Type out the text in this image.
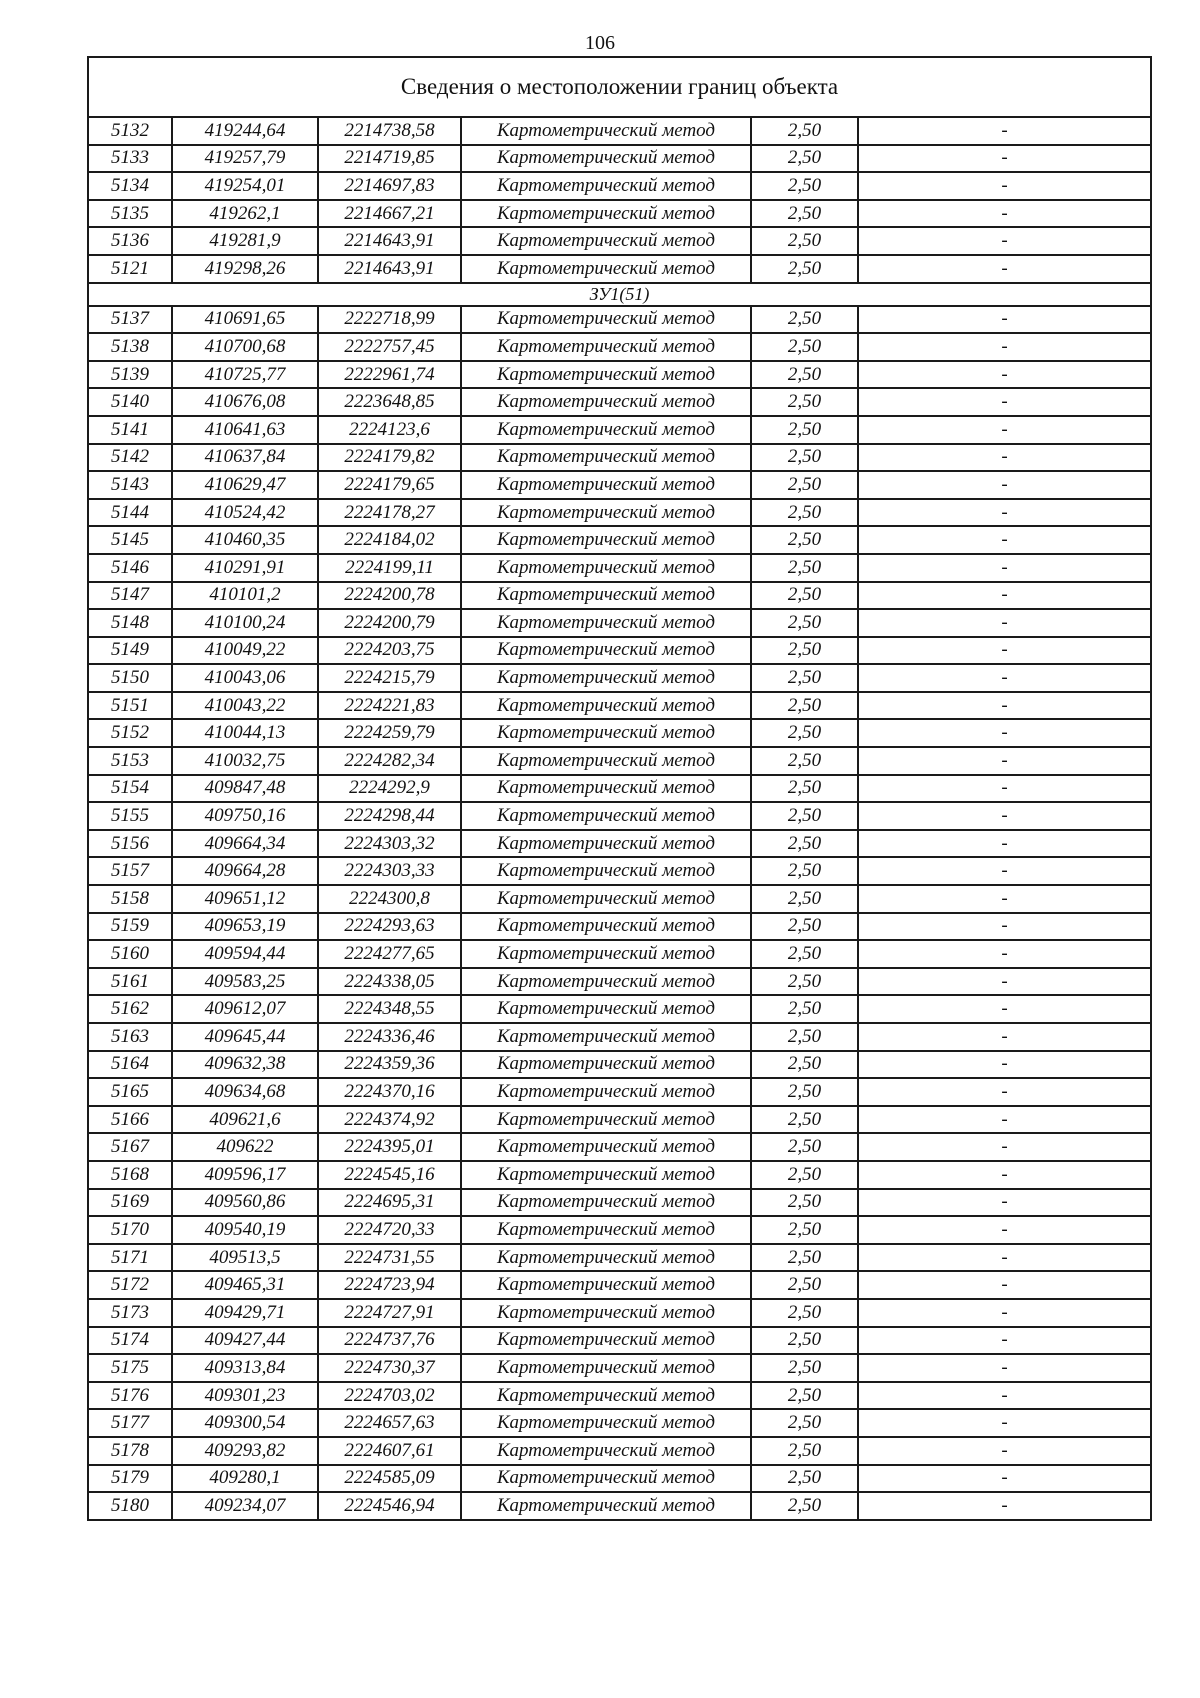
106
Сведения о местоположении границ объекта					
5132	419244,64	2214738,58	Картометрический метод	2,50	-
5133	419257,79	2214719,85	Картометрический метод	2,50	-
5134	419254,01	2214697,83	Картометрический метод	2,50	-
5135	419262,1	2214667,21	Картометрический метод	2,50	-
5136	419281,9	2214643,91	Картометрический метод	2,50	-
5121	419298,26	2214643,91	Картометрический метод	2,50	-
ЗУ1(51)					
5137	410691,65	2222718,99	Картометрический метод	2,50	-
5138	410700,68	2222757,45	Картометрический метод	2,50	-
5139	410725,77	2222961,74	Картометрический метод	2,50	-
5140	410676,08	2223648,85	Картометрический метод	2,50	-
5141	410641,63	2224123,6	Картометрический метод	2,50	-
5142	410637,84	2224179,82	Картометрический метод	2,50	-
5143	410629,47	2224179,65	Картометрический метод	2,50	-
5144	410524,42	2224178,27	Картометрический метод	2,50	-
5145	410460,35	2224184,02	Картометрический метод	2,50	-
5146	410291,91	2224199,11	Картометрический метод	2,50	-
5147	410101,2	2224200,78	Картометрический метод	2,50	-
5148	410100,24	2224200,79	Картометрический метод	2,50	-
5149	410049,22	2224203,75	Картометрический метод	2,50	-
5150	410043,06	2224215,79	Картометрический метод	2,50	-
5151	410043,22	2224221,83	Картометрический метод	2,50	-
5152	410044,13	2224259,79	Картометрический метод	2,50	-
5153	410032,75	2224282,34	Картометрический метод	2,50	-
5154	409847,48	2224292,9	Картометрический метод	2,50	-
5155	409750,16	2224298,44	Картометрический метод	2,50	-
5156	409664,34	2224303,32	Картометрический метод	2,50	-
5157	409664,28	2224303,33	Картометрический метод	2,50	-
5158	409651,12	2224300,8	Картометрический метод	2,50	-
5159	409653,19	2224293,63	Картометрический метод	2,50	-
5160	409594,44	2224277,65	Картометрический метод	2,50	-
5161	409583,25	2224338,05	Картометрический метод	2,50	-
5162	409612,07	2224348,55	Картометрический метод	2,50	-
5163	409645,44	2224336,46	Картометрический метод	2,50	-
5164	409632,38	2224359,36	Картометрический метод	2,50	-
5165	409634,68	2224370,16	Картометрический метод	2,50	-
5166	409621,6	2224374,92	Картометрический метод	2,50	-
5167	409622	2224395,01	Картометрический метод	2,50	-
5168	409596,17	2224545,16	Картометрический метод	2,50	-
5169	409560,86	2224695,31	Картометрический метод	2,50	-
5170	409540,19	2224720,33	Картометрический метод	2,50	-
5171	409513,5	2224731,55	Картометрический метод	2,50	-
5172	409465,31	2224723,94	Картометрический метод	2,50	-
5173	409429,71	2224727,91	Картометрический метод	2,50	-
5174	409427,44	2224737,76	Картометрический метод	2,50	-
5175	409313,84	2224730,37	Картометрический метод	2,50	-
5176	409301,23	2224703,02	Картометрический метод	2,50	-
5177	409300,54	2224657,63	Картометрический метод	2,50	-
5178	409293,82	2224607,61	Картометрический метод	2,50	-
5179	409280,1	2224585,09	Картометрический метод	2,50	-
5180	409234,07	2224546,94	Картометрический метод	2,50	-
